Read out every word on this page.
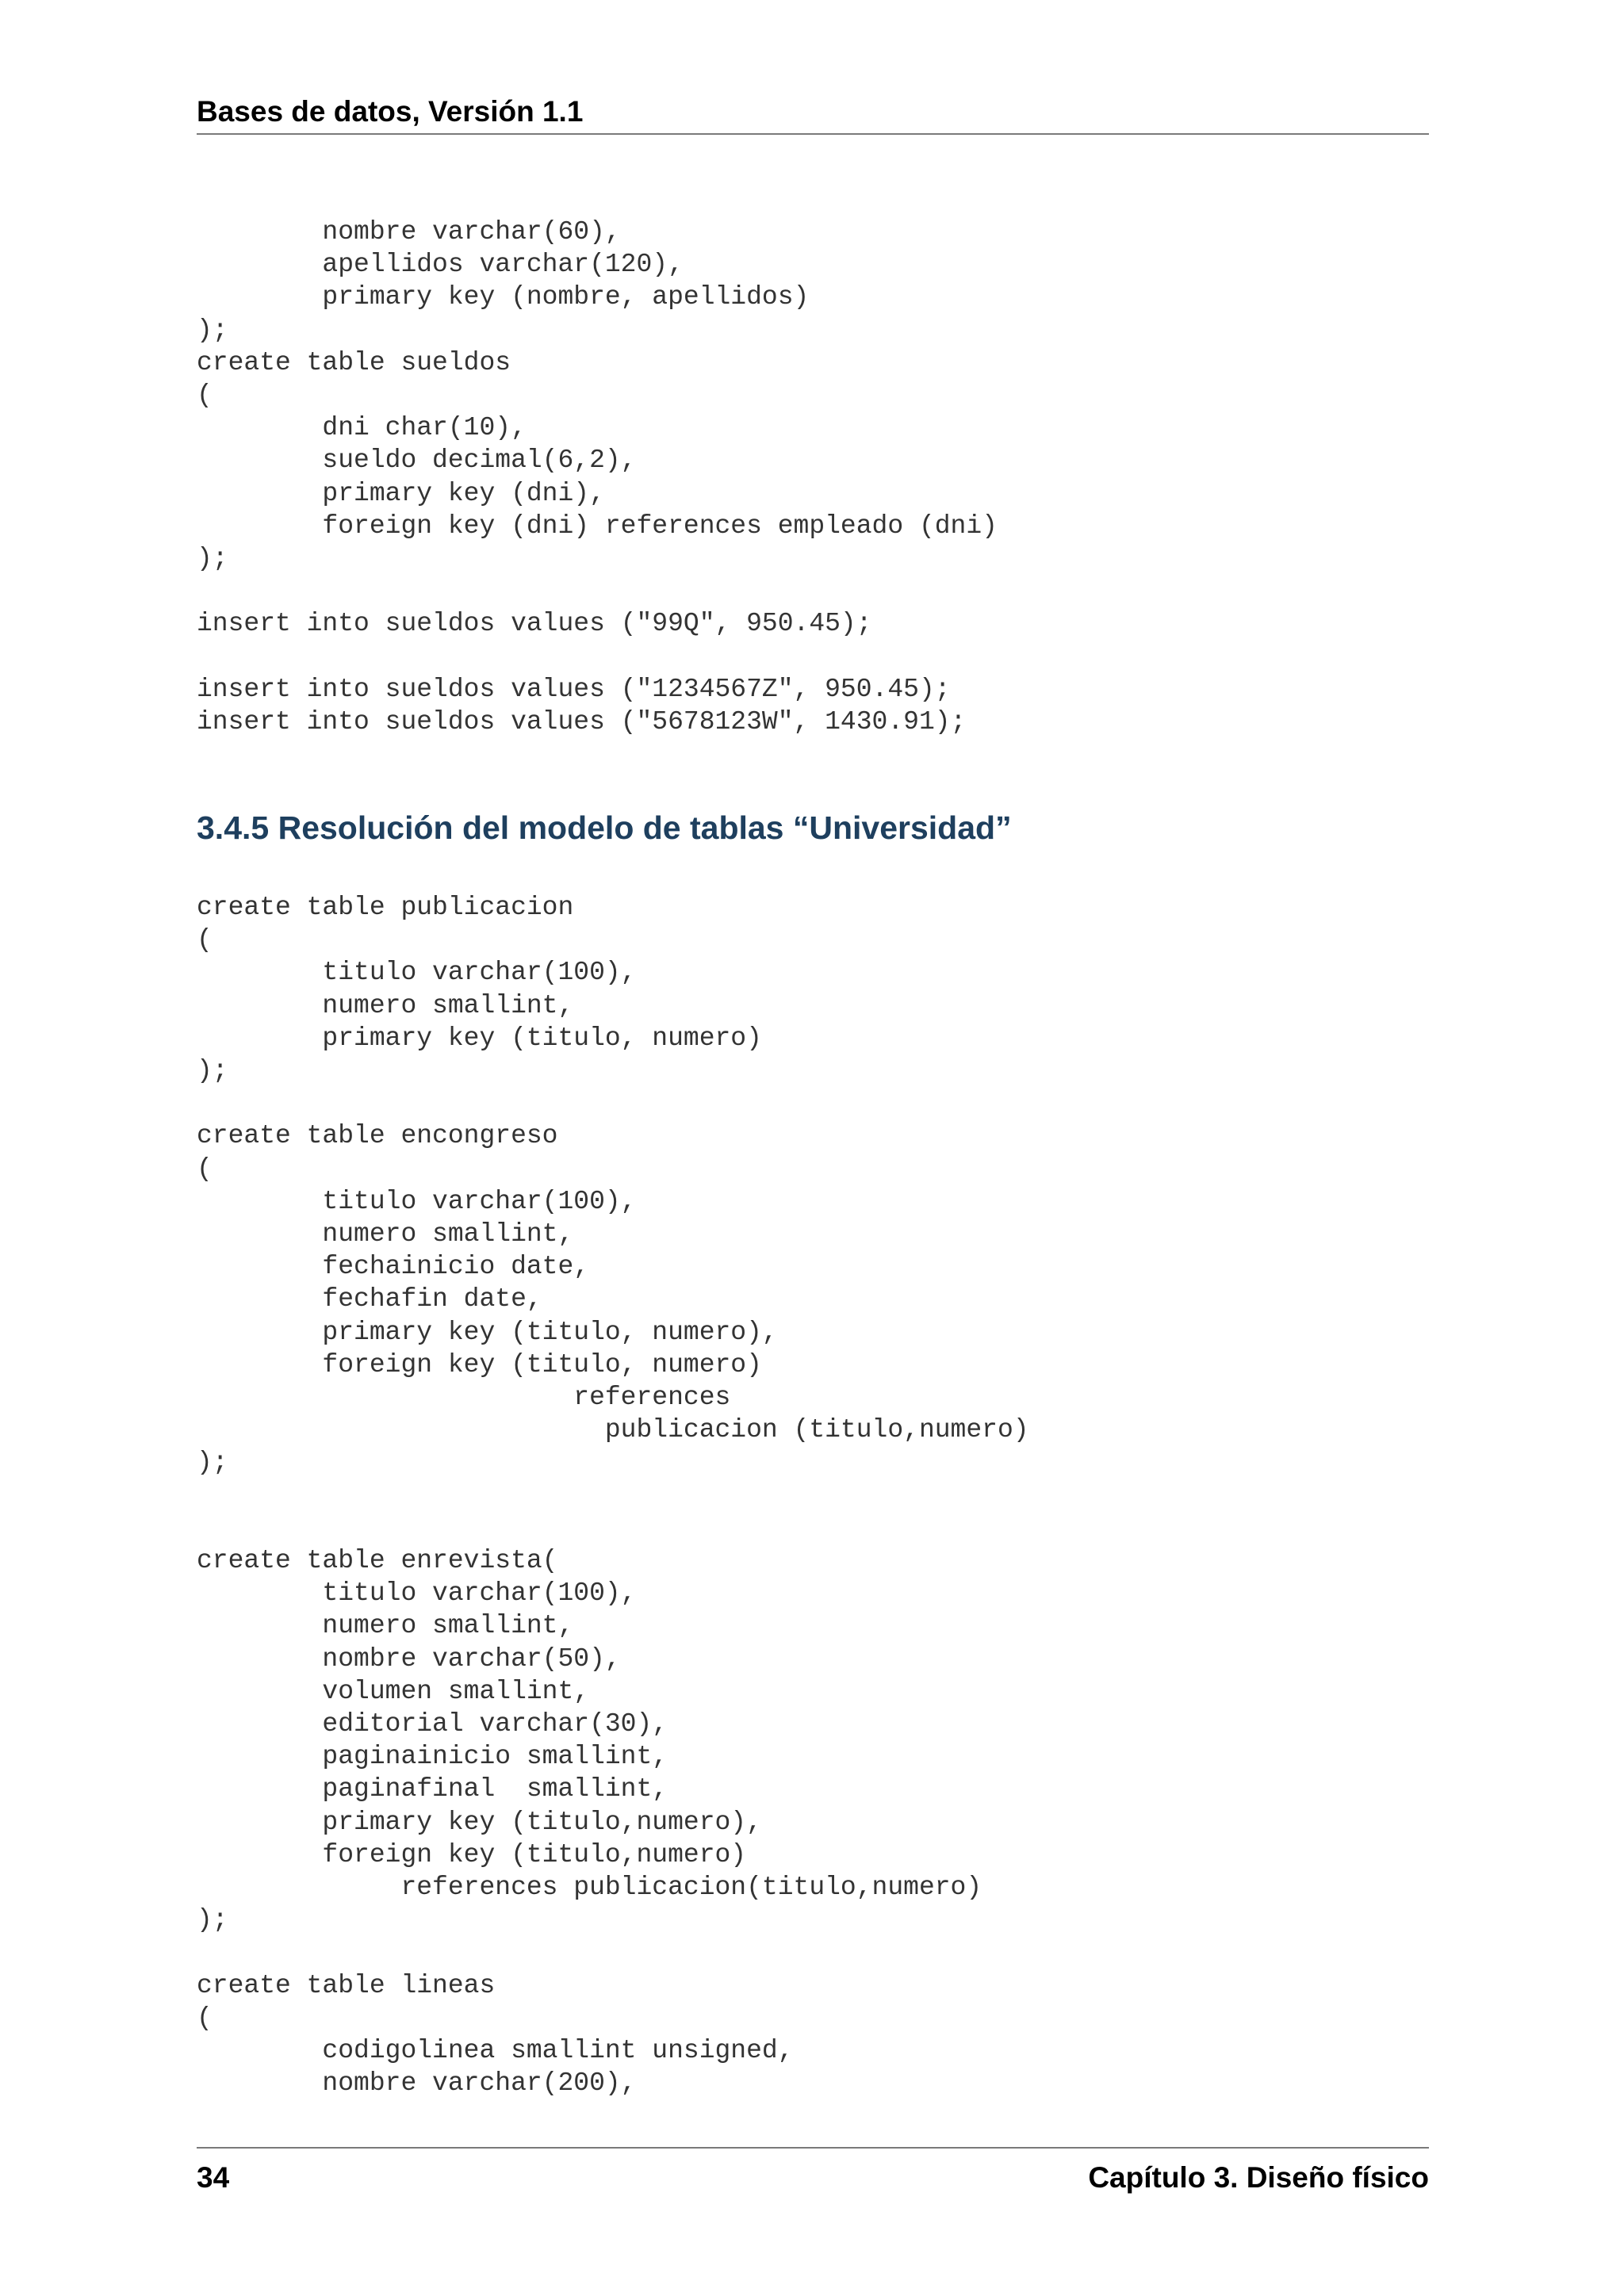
Bases de datos, Versión 1.1
nombre varchar(60),
apellidos varchar(120),
primary key (nombre, apellidos)
);
create table sueldos
(
dni char(10),
sueldo decimal(6,2),
primary key (dni),
foreign key (dni) references empleado (dni)
);

insert into sueldos values ("99Q", 950.45);

insert into sueldos values ("1234567Z", 950.45);
insert into sueldos values ("5678123W", 1430.91);
3.4.5 Resolución del modelo de tablas “Universidad”
create table publicacion
(
titulo varchar(100),
numero smallint,
primary key (titulo, numero)
);

create table encongreso
(
titulo varchar(100),
numero smallint,
fechainicio date,
fechafin date,
primary key (titulo, numero),
foreign key (titulo, numero)
references
publicacion (titulo,numero)
);

create table enrevista(
titulo varchar(100),
numero smallint,
nombre varchar(50),
volumen smallint,
editorial varchar(30),
paginainicio smallint,
paginafinal  smallint,
primary key (titulo,numero),
foreign key (titulo,numero)
references publicacion(titulo,numero)
);

create table lineas
(
codigolinea smallint unsigned,
nombre varchar(200),
34	Capítulo 3. Diseño físico
